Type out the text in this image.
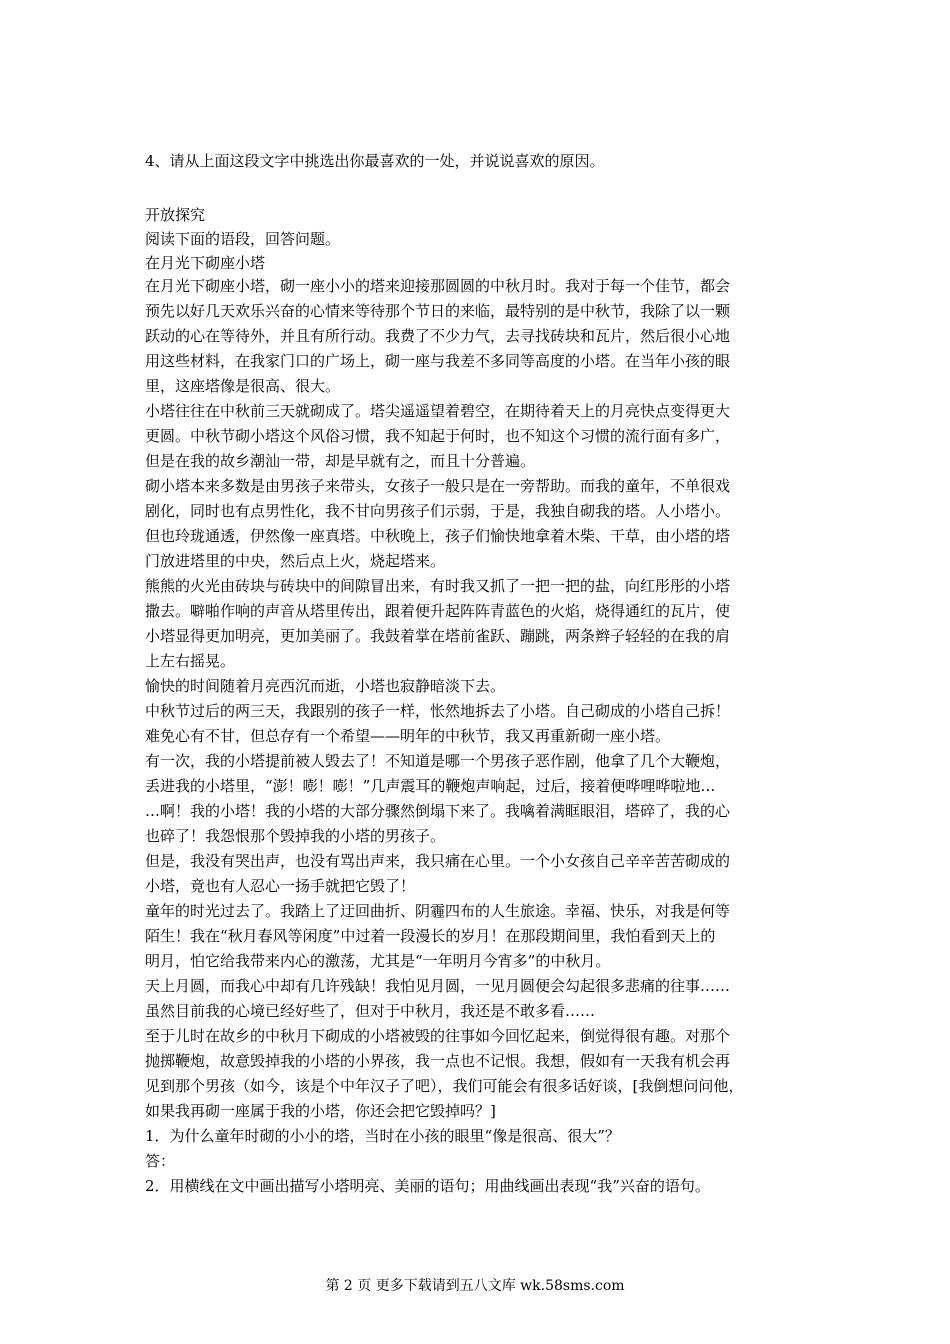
4、请从上面这段文字中挑选出你最喜欢的一处，并说说喜欢的原因。
开放探究
阅读下面的语段，回答问题。
在月光下砌座小塔
在月光下砌座小塔，砌一座小小的塔来迎接那圆圆的中秋月时。我对于每一个佳节，都会
预先以好几天欢乐兴奋的心情来等待那个节日的来临，最特别的是中秋节，我除了以一颗
跃动的心在等待外，并且有所行动。我费了不少力气，去寻找砖块和瓦片，然后很小心地
用这些材料，在我家门口的广场上，砌一座与我差不多同等高度的小塔。在当年小孩的眼
里，这座塔像是很高、很大。
小塔往往在中秋前三天就砌成了。塔尖遥遥望着碧空，在期待着天上的月亮快点变得更大
更圆。中秋节砌小塔这个风俗习惯，我不知起于何时，也不知这个习惯的流行面有多广，
但是在我的故乡潮汕一带，却是早就有之，而且十分普遍。
砌小塔本来多数是由男孩子来带头，女孩子一般只是在一旁帮助。而我的童年，不单很戏
剧化，同时也有点男性化，我不甘向男孩子们示弱，于是，我独自砌我的塔。人小塔小。
但也玲珑通透，伊然像一座真塔。中秋晚上，孩子们愉快地拿着木柴、干草，由小塔的塔
门放进塔里的中央，然后点上火，烧起塔来。
熊熊的火光由砖块与砖块中的间隙冒出来，有时我又抓了一把一把的盐，向红彤彤的小塔
撒去。噼啪作响的声音从塔里传出，跟着便升起阵阵青蓝色的火焰，烧得通红的瓦片，使
小塔显得更加明亮，更加美丽了。我鼓着掌在塔前雀跃、蹦跳，两条辫子轻轻的在我的肩
上左右摇晃。
愉快的时间随着月亮西沉而逝，小塔也寂静暗淡下去。
中秋节过后的两三天，我跟别的孩子一样，怅然地拆去了小塔。自己砌成的小塔自己拆！
难免心有不甘，但总存有一个希望——明年的中秋节，我又再重新砌一座小塔。
有一次，我的小塔提前被人毁去了！不知道是哪一个男孩子恶作剧，他拿了几个大鞭炮，
丢进我的小塔里，“澎！嘭！嘭！”几声震耳的鞭炮声响起，过后，接着便哗哩哗啦地…
…啊！我的小塔！我的小塔的大部分骤然倒塌下来了。我噙着满眶眼泪，塔碎了，我的心
也碎了！我怨恨那个毁掉我的小塔的男孩子。
但是，我没有哭出声，也没有骂出声来，我只痛在心里。一个小女孩自己辛辛苦苦砌成的
小塔，竟也有人忍心一扬手就把它毁了！
童年的时光过去了。我踏上了迂回曲折、阴霾四布的人生旅途。幸福、快乐，对我是何等
陌生！我在“秋月春风等闲度”中过着一段漫长的岁月！在那段期间里，我怕看到天上的
明月，怕它给我带来内心的激荡，尤其是“一年明月今宵多”的中秋月。
天上月圆，而我心中却有几许残缺！我怕见月圆，一见月圆便会勾起很多悲痛的往事……
虽然目前我的心境已经好些了，但对于中秋月，我还是不敢多看……
至于儿时在故乡的中秋月下砌成的小塔被毁的往事如今回忆起来，倒觉得很有趣。对那个
抛掷鞭炮，故意毁掉我的小塔的小界孩，我一点也不记恨。我想，假如有一天我有机会再
见到那个男孩（如今，该是个中年汉子了吧），我们可能会有很多话好谈，[我倒想问问他，
如果我再砌一座属于我的小塔，你还会把它毁掉吗？]
1．为什么童年时砌的小小的塔，当时在小孩的眼里“像是很高、很大”？
答：
2．用横线在文中画出描写小塔明亮、美丽的语句；用曲线画出表现“我”兴奋的语句。
第 2 页 更多下载请到五八文库 wk.58sms.com
